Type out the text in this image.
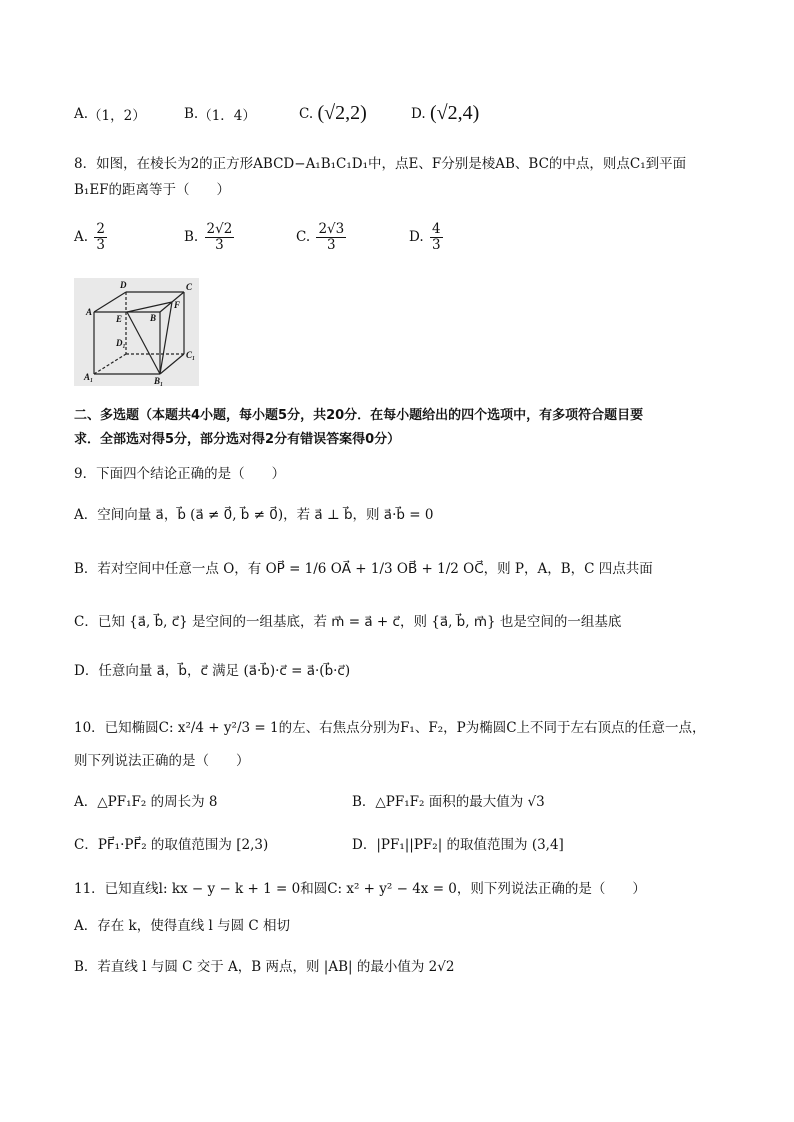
A. （1，2）	B. （1．4）	C.
(√2,2)	D.
(√2,4)
8．如图，在棱长为2的正方形ABCD−A₁B₁C₁D₁中，点E、F分别是棱AB、BC的中点，则点C₁到平面
B₁EF的距离等于（　　）
A.
$\frac{2}{3}$	B.
$\frac{2√2}{3}$	C.
$\frac{2√3}{3}$	D.
$\frac{4}{3}$
D	C
A
E
F
B
D₁
C₁
A₁	B₁
二、多选题（本题共4小题，每小题5分，共20分．在每小题给出的四个选项中，有多项符合题目要
求．全部选对得5分，部分选对得2分有错误答案得0分）
9．下面四个结论正确的是（　　）
A．空间向量 a⃗，b⃗ (a⃗ ≠ 0⃗, b⃗ ≠ 0⃗)，若 a⃗ ⊥ b⃗，则 a⃗·b⃗ = 0
B．若对空间中任意一点 O，有 OP⃗ = 1/6 OA⃗ + 1/3 OB⃗ + 1/2 OC⃗，则 P，A，B，C 四点共面
C．已知 {a⃗, b⃗, c⃗} 是空间的一组基底，若 m⃗ = a⃗ + c⃗，则 {a⃗, b⃗, m⃗} 也是空间的一组基底
D．任意向量 a⃗，b⃗，c⃗ 满足 (a⃗·b⃗)·c⃗ = a⃗·(b⃗·c⃗)
10．已知椭圆C: x²/4 + y²/3 = 1的左、右焦点分别为F₁、F₂，P为椭圆C上不同于左右顶点的任意一点，
则下列说法正确的是（　　）
A．△PF₁F₂ 的周长为 8	B．△PF₁F₂ 面积的最大值为 √3
C．PF⃗₁·PF⃗₂ 的取值范围为 [2,3)	D．|PF₁||PF₂| 的取值范围为 (3,4]
11．已知直线l: kx − y − k + 1 = 0和圆C: x² + y² − 4x = 0，则下列说法正确的是（　　）
A．存在 k，使得直线 l 与圆 C 相切
B．若直线 l 与圆 C 交于 A，B 两点，则 |AB| 的最小值为 2√2
